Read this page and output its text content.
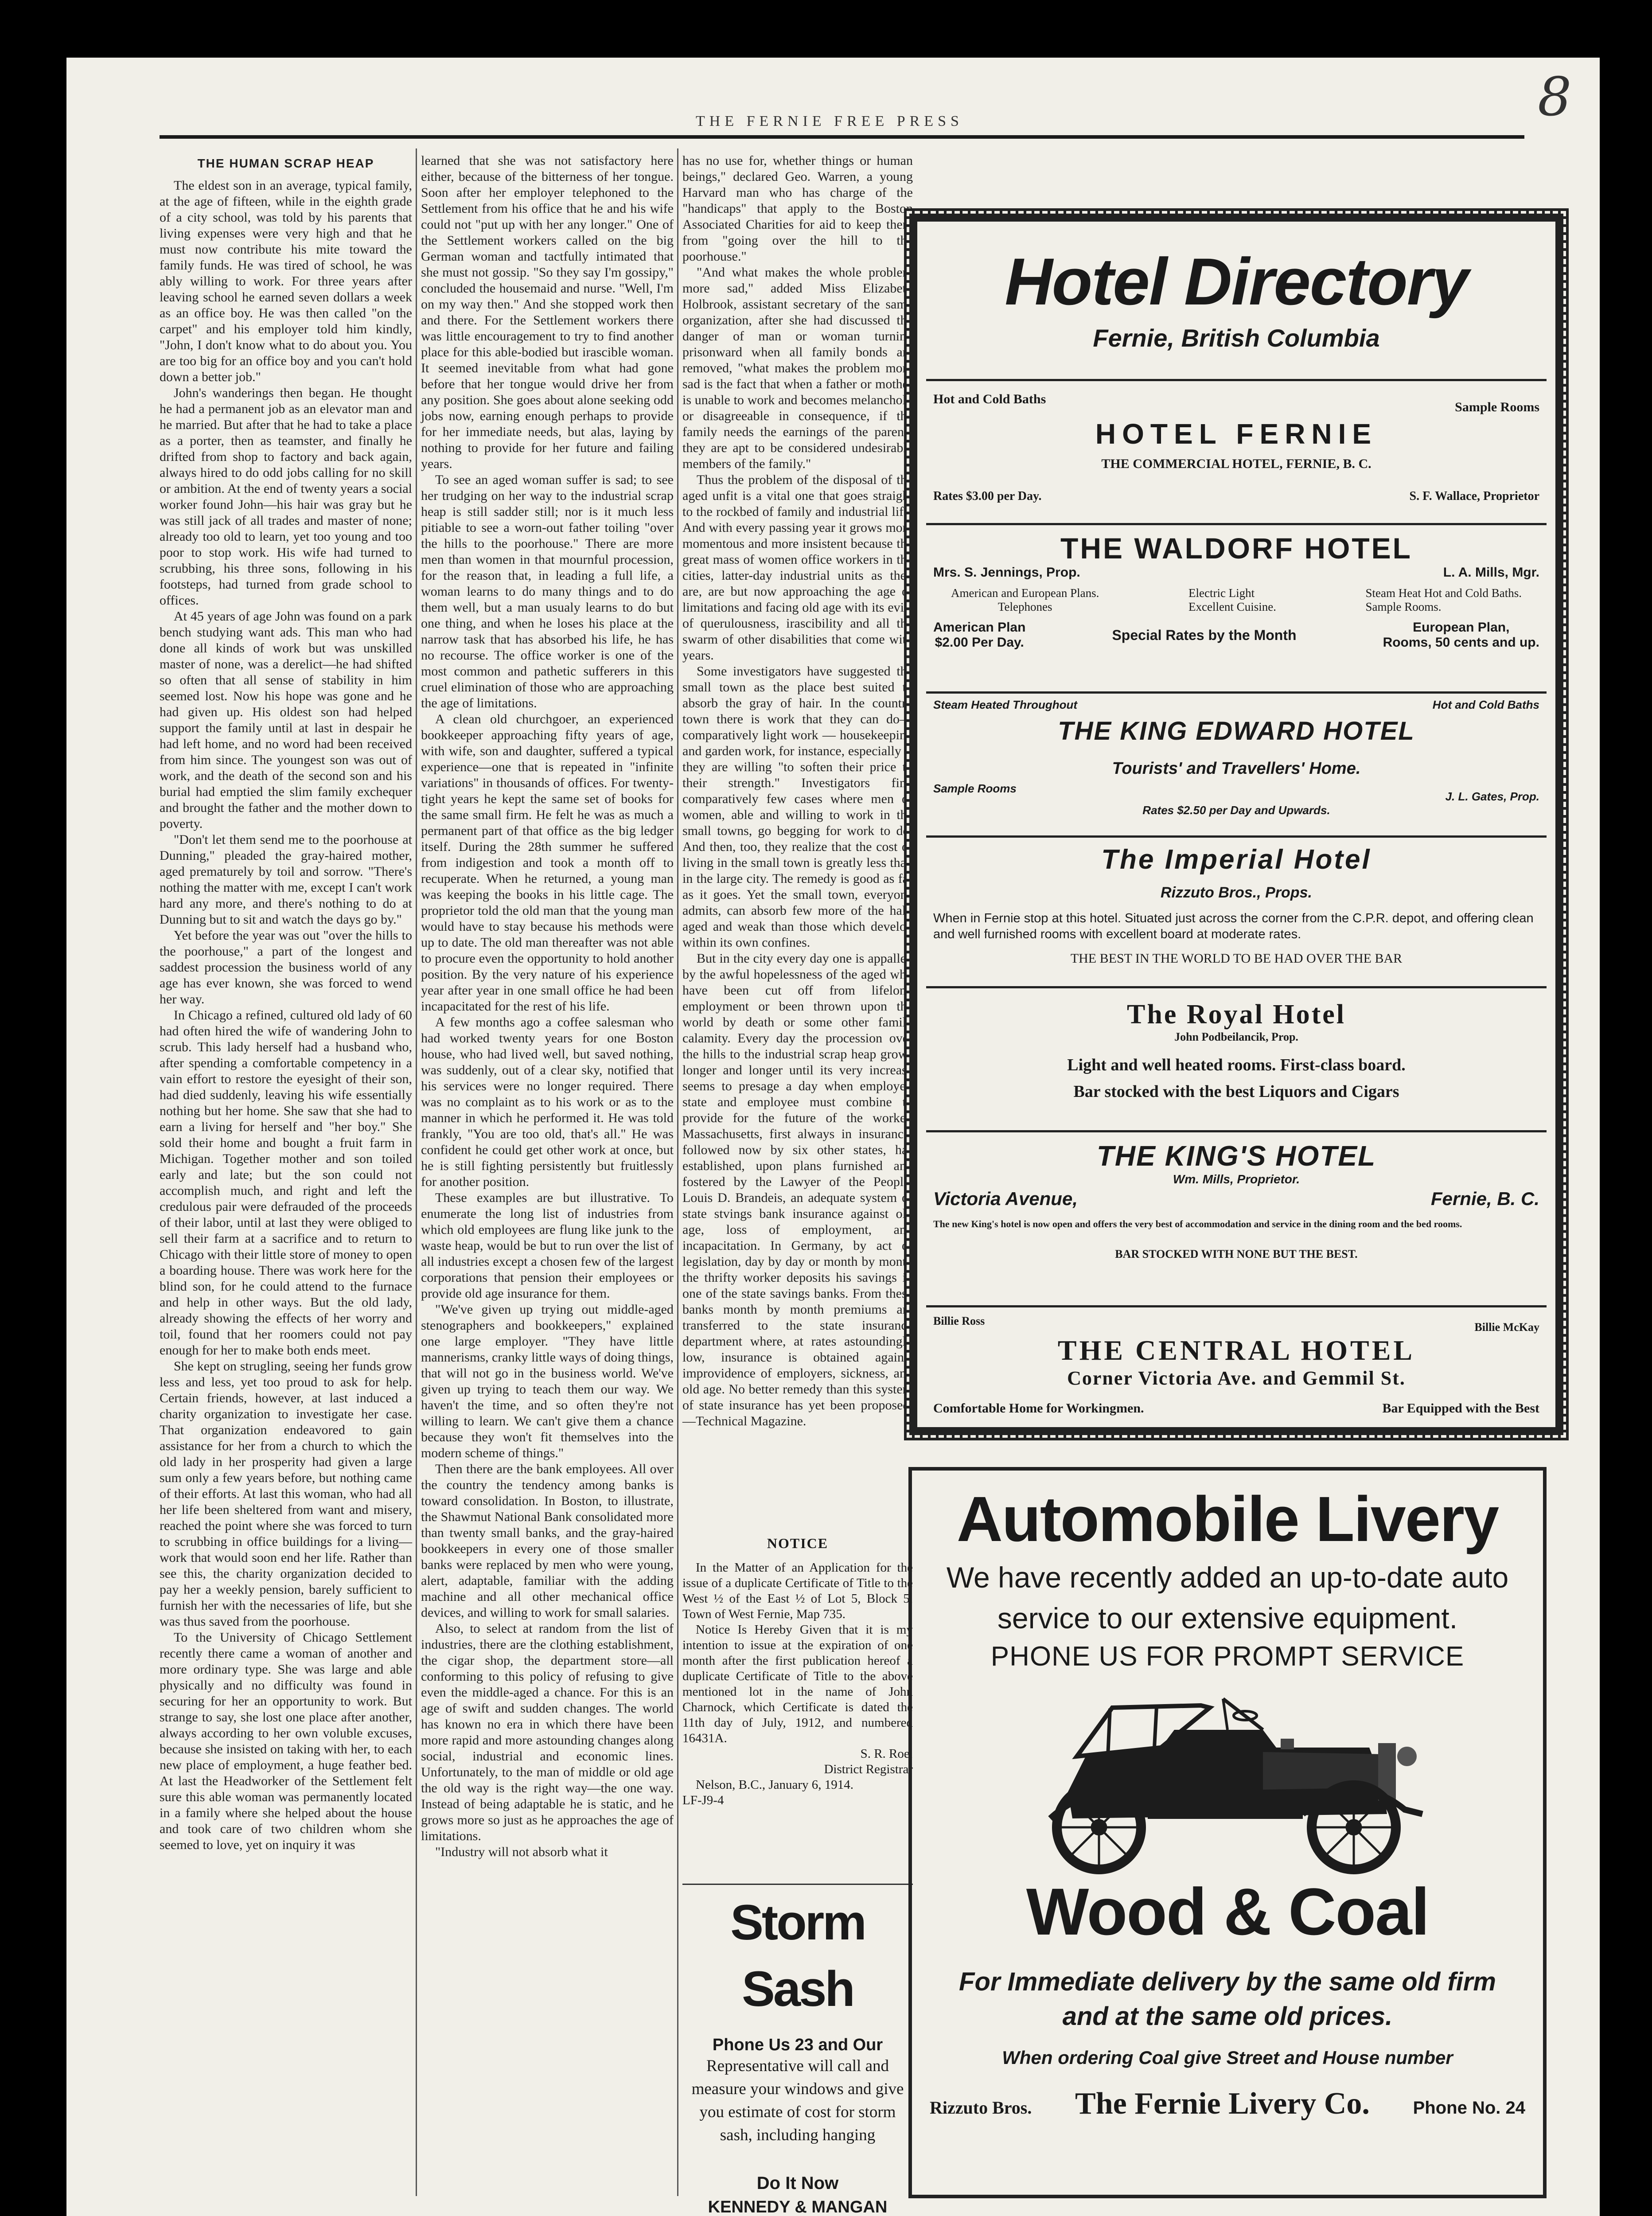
8
THE FERNIE FREE PRESS
THE HUMAN SCRAP HEAP

The eldest son in an average, typical family, at the age of fifteen, while in the eighth grade of a city school, was told by his parents that living expenses were very high and that he must now contribute his mite toward the family funds. He was tired of school, he was ably willing to work. For three years after leaving school he earned seven dollars a week as an office boy. He was then called "on the carpet" and his employer told him kindly, "John, I don't know what to do about you. You are too big for an office boy and you can't hold down a better job."

John's wanderings then began. He thought he had a permanent job as an elevator man and he married. But after that he had to take a place as a porter, then as teamster, and finally he drifted from shop to factory and back again, always hired to do odd jobs calling for no skill or ambition. At the end of twenty years a social worker found John—his hair was gray but he was still jack of all trades and master of none; already too old to learn, yet too young and too poor to stop work. His wife had turned to scrubbing, his three sons, following in his footsteps, had turned from grade school to offices.

At 45 years of age John was found on a park bench studying want ads. This man who had done all kinds of work but was unskilled master of none, was a derelict—he had shifted so often that all sense of stability in him seemed lost. Now his hope was gone and he had given up. His oldest son had helped support the family until at last in despair he had left home, and no word had been received from him since. The youngest son was out of work, and the death of the second son and his burial had emptied the slim family exchequer and brought the father and the mother down to poverty.

"Don't let them send me to the poorhouse at Dunning," pleaded the gray-haired mother, aged prematurely by toil and sorrow. "There's nothing the matter with me, except I can't work hard any more, and there's nothing to do at Dunning but to sit and watch the days go by."

Yet before the year was out "over the hills to the poorhouse," a part of the longest and saddest procession the business world of any age has ever known, she was forced to wend her way.

In Chicago a refined, cultured old lady of 60 had often hired the wife of wandering John to scrub. This lady herself had a husband who, after spending a comfortable competency in a vain effort to restore the eyesight of their son, had died suddenly, leaving his wife essentially nothing but her home. She saw that she had to earn a living for herself and "her boy." She sold their home and bought a fruit farm in Michigan. Together mother and son toiled early and late; but the son could not accomplish much, and right and left the credulous pair were defrauded of the proceeds of their labor, until at last they were obliged to sell their farm at a sacrifice and to return to Chicago with their little store of money to open a boarding house. There was work here for the blind son, for he could attend to the furnace and help in other ways. But the old lady, already showing the effects of her worry and toil, found that her roomers could not pay enough for her to make both ends meet.

She kept on strugling, seeing her funds grow less and less, yet too proud to ask for help. Certain friends, however, at last induced a charity organization to investigate her case. That organization endeavored to gain assistance for her from a church to which the old lady in her prosperity had given a large sum only a few years before, but nothing came of their efforts. At last this woman, who had all her life been sheltered from want and misery, reached the point where she was forced to turn to scrubbing in office buildings for a living—work that would soon end her life. Rather than see this, the charity organization decided to pay her a weekly pension, barely sufficient to furnish her with the necessaries of life, but she was thus saved from the poorhouse.

To the University of Chicago Settlement recently there came a woman of another and more ordinary type. She was large and able physically and no difficulty was found in securing for her an opportunity to work. But strange to say, she lost one place after another, always according to her own voluble excuses, because she insisted on taking with her, to each new place of employment, a huge feather bed. At last the Headworker of the Settlement felt sure this able woman was permanently located in a family where she helped about the house and took care of two children whom she seemed to love, yet on inquiry it was

learned that she was not satisfactory here either, because of the bitterness of her tongue. Soon after her employer telephoned to the Settlement from his office that he and his wife could not "put up with her any longer." One of the Settlement workers called on the big German woman and tactfully intimated that she must not gossip. "So they say I'm gossipy," concluded the housemaid and nurse. "Well, I'm on my way then." And she stopped work then and there. For the Settlement workers there was little encouragement to try to find another place for this able-bodied but irascible woman. It seemed inevitable from what had gone before that her tongue would drive her from any position. She goes about alone seeking odd jobs now, earning enough perhaps to provide for her immediate needs, but alas, laying by nothing to provide for her future and failing years.

To see an aged woman suffer is sad; to see her trudging on her way to the industrial scrap heap is still sadder still; nor is it much less pitiable to see a worn-out father toiling "over the hills to the poorhouse." There are more men than women in that mournful procession, for the reason that, in leading a full life, a woman learns to do many things and to do them well, but a man usualy learns to do but one thing, and when he loses his place at the narrow task that has absorbed his life, he has no recourse. The office worker is one of the most common and pathetic sufferers in this cruel elimination of those who are approaching the age of limitations.

A clean old churchgoer, an experienced bookkeeper approaching fifty years of age, with wife, son and daughter, suffered a typical experience—one that is repeated in "infinite variations" in thousands of offices. For twenty-tight years he kept the same set of books for the same small firm. He felt he was as much a permanent part of that office as the big ledger itself. During the 28th summer he suffered from indigestion and took a month off to recuperate. When he returned, a young man was keeping the books in his little cage. The proprietor told the old man that the young man would have to stay because his methods were up to date. The old man thereafter was not able to procure even the opportunity to hold another position. By the very nature of his experience year after year in one small office he had been incapacitated for the rest of his life.

A few months ago a coffee salesman who had worked twenty years for one Boston house, who had lived well, but saved nothing, was suddenly, out of a clear sky, notified that his services were no longer required. There was no complaint as to his work or as to the manner in which he performed it. He was told frankly, "You are too old, that's all." He was confident he could get other work at once, but he is still fighting persistently but fruitlessly for another position.

These examples are but illustrative. To enumerate the long list of industries from which old employees are flung like junk to the waste heap, would be but to run over the list of all industries except a chosen few of the largest corporations that pension their employees or provide old age insurance for them.

"We've given up trying out middle-aged stenographers and bookkeepers," explained one large employer. "They have little mannerisms, cranky little ways of doing things, that will not go in the business world. We've given up trying to teach them our way. We haven't the time, and so often they're not willing to learn. We can't give them a chance because they won't fit themselves into the modern scheme of things."

Then there are the bank employees. All over the country the tendency among banks is toward consolidation. In Boston, to illustrate, the Shawmut National Bank consolidated more than twenty small banks, and the gray-haired bookkeepers in every one of those smaller banks were replaced by men who were young, alert, adaptable, familiar with the adding machine and all other mechanical office devices, and willing to work for small salaries.

Also, to select at random from the list of industries, there are the clothing establishment, the cigar shop, the department store—all conforming to this policy of refusing to give even the middle-aged a chance. For this is an age of swift and sudden changes. The world has known no era in which there have been more rapid and more astounding changes along social, industrial and economic lines. Unfortunately, to the man of middle or old age the old way is the right way—the one way. Instead of being adaptable he is static, and he grows more so just as he approaches the age of limitations.

"Industry will not absorb what it

has no use for, whether things or human beings," declared Geo. Warren, a young Harvard man who has charge of the "handicaps" that apply to the Boston Associated Charities for aid to keep them from "going over the hill to the poorhouse."

"And what makes the whole problem more sad," added Miss Elizabeth Holbrook, assistant secretary of the same organization, after she had discussed the danger of man or woman turning prisonward when all family bonds are removed, "what makes the problem more sad is the fact that when a father or mother is unable to work and becomes melancholy or disagreeable in consequence, if the family needs the earnings of the parents they are apt to be considered undesirable members of the family."

Thus the problem of the disposal of the aged unfit is a vital one that goes straight to the rockbed of family and industrial life. And with every passing year it grows more momentous and more insistent because the great mass of women office workers in the cities, latter-day industrial units as they are, are but now approaching the age of limitations and facing old age with its evils of querulousness, irascibility and all the swarm of other disabilities that come with years.

Some investigators have suggested the small town as the place best suited to absorb the gray of hair. In the country town there is work that they can do—comparatively light work — housekeeping and garden work, for instance, especially if they are willing "to soften their price to their strength." Investigators find comparatively few cases where men or women, able and willing to work in the small towns, go begging for work to do. And then, too, they realize that the cost of living in the small town is greatly less than in the large city. The remedy is good as far as it goes. Yet the small town, everyone admits, can absorb few more of the halt, aged and weak than those which develop within its own confines.

But in the city every day one is appalled by the awful hopelessness of the aged who have been cut off from lifelong employment or been thrown upon the world by death or some other family calamity. Every day the procession over the hills to the industrial scrap heap grows longer and longer until its very increase seems to presage a day when employer, state and employee must combine to provide for the future of the worker. Massachusetts, first always in insurance, followed now by six other states, has established, upon plans furnished and fostered by the Lawyer of the People, Louis D. Brandeis, an adequate system of state stvings bank insurance against old age, loss of employment, and incapacitation. In Germany, by act of legislation, day by day or month by month the thrifty worker deposits his savings in one of the state savings banks. From these banks month by month premiums are transferred to the state insurance department where, at rates astoundingly low, insurance is obtained against improvidence of employers, sickness, and old age. No better remedy than this system of state insurance has yet been proposed.—Technical Magazine.

NOTICE

In the Matter of an Application for the issue of a duplicate Certificate of Title to the West ½ of the East ½ of Lot 5, Block 5, Town of West Fernie, Map 735.

Notice Is Hereby Given that it is my intention to issue at the expiration of one month after the first publication hereof a duplicate Certificate of Title to the above mentioned lot in the name of John Charnock, which Certificate is dated the 11th day of July, 1912, and numbered 16431A.

S. R. Roe,
District Registrar
Nelson, B.C., January 6, 1914.
LF-J9-4
Storm Sash
Phone Us 23 and Our
Representative will call and measure your windows and give you estimate of cost for storm sash, including hanging
Do It Now
KENNEDY & MANGAN
Hotel Directory
Fernie, British Columbia
Hot and Cold Baths
Sample Rooms
HOTEL FERNIE
THE COMMERCIAL HOTEL, FERNIE, B. C.
Rates $3.00 per Day.	S. F. Wallace, Proprietor
THE WALDORF HOTEL
Mrs. S. Jennings, Prop.	L. A. Mills, Mgr.
American and European Plans.
Telephones
Electric Light
Excellent Cuisine.
Steam Heat Hot and Cold Baths.
Sample Rooms.
American Plan
$2.00 Per Day.	Special Rates by the Month	European Plan,
Rooms, 50 cents and up.
Steam Heated Throughout	Hot and Cold Baths
THE KING EDWARD HOTEL
Tourists' and Travellers' Home.
Sample Rooms
J. L. Gates, Prop.
Rates $2.50 per Day and Upwards.
The Imperial Hotel
Rizzuto Bros., Props.
When in Fernie stop at this hotel. Situated just across the corner from the C.P.R. depot, and offering clean and well furnished rooms with excellent board at moderate rates.
THE BEST IN THE WORLD TO BE HAD OVER THE BAR
The Royal Hotel
John Podbeilancik, Prop.
Light and well heated rooms. First-class board.
Bar stocked with the best Liquors and Cigars
THE KING'S HOTEL
Wm. Mills, Proprietor.
Victoria Avenue,	Fernie, B. C.
The new King's hotel is now open and offers the very best of accommodation and service in the dining room and the bed rooms.
BAR STOCKED WITH NONE BUT THE BEST.
Billie Ross	Billie McKay
THE CENTRAL HOTEL
Corner Victoria Ave. and Gemmil St.
Comfortable Home for Workingmen.	Bar Equipped with the Best
Automobile Livery
We have recently added an up-to-date auto
service to our extensive equipment.
PHONE US FOR PROMPT SERVICE
Wood & Coal
For Immediate delivery by the same old firm
and at the same old prices.
When ordering Coal give Street and House number
Rizzuto Bros. The Fernie Livery Co. Phone No. 24
